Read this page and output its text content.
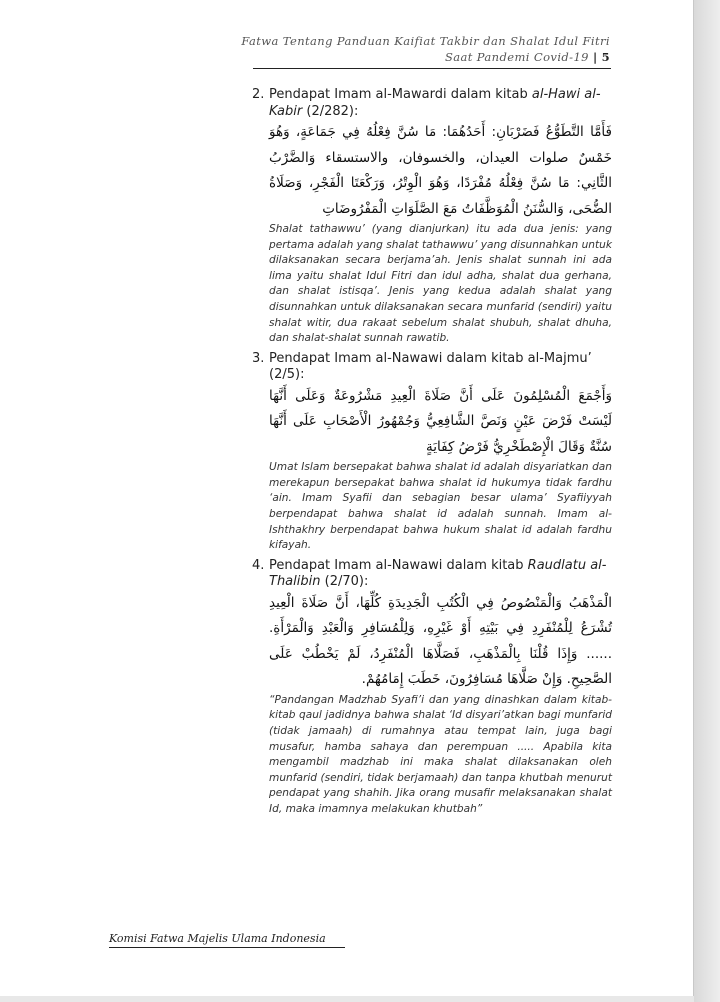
Fatwa Tentang Panduan Kaifiat Takbir dan Shalat Idul Fitri
Saat Pandemi Covid-19 | 5
2. Pendapat Imam al-Mawardi dalam kitab al-Hawi al-Kabir (2/282):
فَأَمَّا التَّطَوُّعُ فَضَرْبَانِ: أَحَدُهُمَا: مَا سُنَّ فِعْلُهُ فِي جَمَاعَةٍ، وَهُوَ خَمْسٌ صلوات العيدان، والخسوفان، والاستسقاء وَالضَّرْبُ الثَّانِي: مَا سُنَّ فِعْلُهُ مُفْرَدًا، وَهُوَ الْوِتْرُ، وَرَكْعَتَا الْفَجْرِ، وَصَلَاةُ الضُّحَى، وَالسُّنَنُ الْمُوَظَّفَاتُ مَعَ الصَّلَوَاتِ الْمَفْرُوضَاتِ
Shalat tathawwu’ (yang dianjurkan) itu ada dua jenis: yang pertama adalah yang shalat tathawwu’ yang disunnahkan untuk dilaksanakan secara berjama’ah. Jenis shalat sunnah ini ada lima yaitu shalat Idul Fitri dan idul adha, shalat dua gerhana, dan shalat istisqa’. Jenis yang kedua adalah shalat yang disunnahkan untuk dilaksanakan secara munfarid (sendiri) yaitu shalat witir, dua rakaat sebelum shalat shubuh, shalat dhuha, dan shalat-shalat sunnah rawatib.
3. Pendapat Imam al-Nawawi dalam kitab al-Majmu’ (2/5):
وَأَجْمَعَ الْمُسْلِمُونَ عَلَى أَنَّ صَلَاةَ الْعِيدِ مَشْرُوعَةٌ وَعَلَى أَنَّهَا لَيْسَتْ فَرْضَ عَيْنٍ وَنَصَّ الشَّافِعِيُّ وَجُمْهُورُ الْأَصْحَابِ عَلَى أَنَّهَا سُنَّةٌ وَقَالَ الْإِصْطَخْرِيُّ فَرْضُ كِفَايَةٍ
Umat Islam bersepakat bahwa shalat id adalah disyariatkan dan merekapun bersepakat bahwa shalat id hukumya tidak fardhu ‘ain. Imam Syafii dan sebagian besar ulama’ Syafiiyyah berpendapat bahwa shalat id adalah sunnah. Imam al-Ishthakhry berpendapat bahwa hukum shalat id adalah fardhu kifayah.
4. Pendapat Imam al-Nawawi dalam kitab Raudlatu al-Thalibin (2/70):
الْمَذْهَبُ وَالْمَنْصُوصُ فِي الْكُتُبِ الْجَدِيدَةِ كُلِّهَا، أَنَّ صَلَاةَ الْعِيدِ تُشْرَعُ لِلْمُنْفَرِدِ فِي بَيْتِهِ أَوْ غَيْرِهِ، وَلِلْمُسَافِرِ وَالْعَبْدِ وَالْمَرْأَةِ. ...... وَإِذَا قُلْنَا بِالْمَذْهَبِ، فَصَلَّاهَا الْمُنْفَرِدُ، لَمْ يَخْطُبْ عَلَى الصَّحِيحِ. وَإِنْ صَلَّاهَا مُسَافِرُونَ، خَطَبَ إِمَامُهُمْ.
“Pandangan Madzhab Syafi’i dan yang dinashkan dalam kitab-kitab qaul jadidnya bahwa shalat ‘Id disyari’atkan bagi munfarid (tidak jamaah) di rumahnya atau tempat lain, juga bagi musafur, hamba sahaya dan perempuan ..... Apabila kita mengambil madzhab ini maka shalat dilaksanakan oleh munfarid (sendiri, tidak berjamaah) dan tanpa khutbah menurut pendapat yang shahih. Jika orang musafir melaksanakan shalat Id, maka imamnya melakukan khutbah”
Komisi Fatwa Majelis Ulama Indonesia
